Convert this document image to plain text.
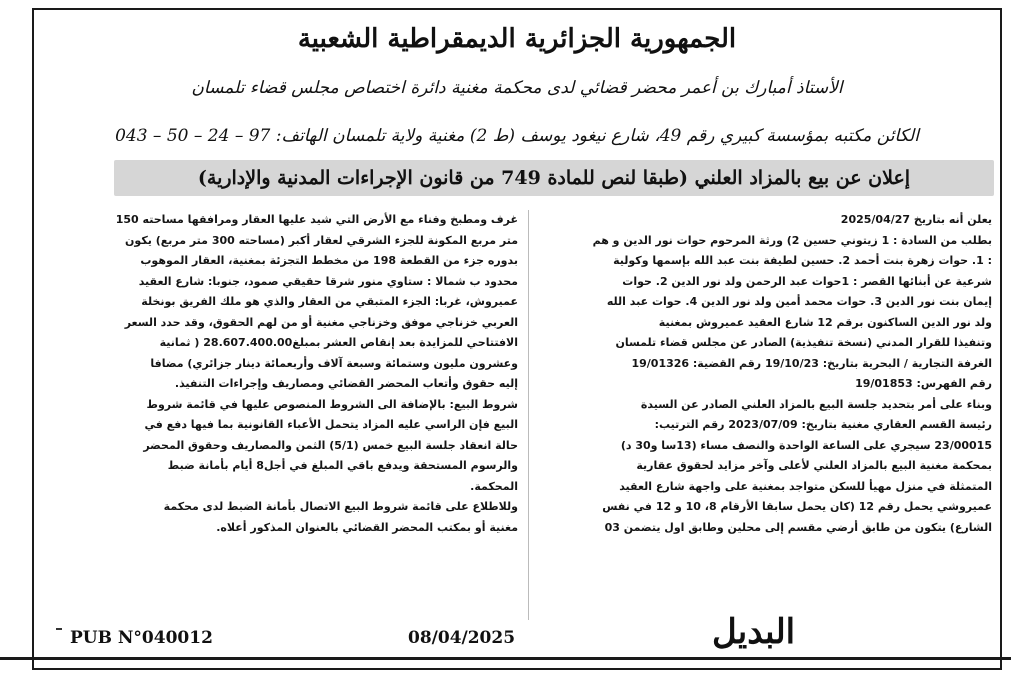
الجمهورية الجزائرية الديمقراطية الشعبية
الأستاذ أمبارك بن أعمر محضر قضائي لدى محكمة مغنية دائرة اختصاص مجلس قضاء تلمسان
الكائن مكتبه بمؤسسة كبيري رقم 49، شارع نيغود يوسف (ط 2) مغنية ولاية تلمسان الهاتف: 97 – 24 – 50 – 043
إعلان عن بيع بالمزاد العلني (طبقا لنص للمادة 749 من قانون الإجراءات المدنية والإدارية)
يعلن أنه بتاريخ 2025/04/27
بطلب من السادة : 1 زيتوني حسين 2) ورثة المرحوم حوات نور الدين و هم
: 1. حوات زهرة بنت أحمد 2. حسين لطيفة بنت عبد الله بإسمها وكولية
شرعية عن أبنائها القصر : 1حوات عبد الرحمن ولد نور الدين 2. حوات
إيمان بنت نور الدين 3. حوات محمد أمين ولد نور الدين 4. حوات عبد الله
ولد نور الدين الساكنون برقم 12 شارع العقيد عميروش بمغنية
وتنفيذا للقرار المدني (نسخة تنفيذية) الصادر عن مجلس قضاء تلمسان
الغرفة التجارية / البحرية بتاريخ: 19/10/23 رقم القضية: 19/01326
رقم الفهرس: 19/01853
وبناء على أمر بتحديد جلسة البيع بالمزاد العلني الصادر عن السيدة
رئيسة القسم العقاري مغنية بتاريخ: 2023/07/09 رقم الترتيب:
23/00015 سيجري على الساعة الواحدة والنصف مساء (13سا و30 د)
بمحكمة مغنية البيع بالمزاد العلني لأعلى وآخر مزايد لحقوق عقارية
المتمثلة في منزل مهيأ للسكن متواجد بمغنية على واجهة شارع العقيد
عميروشي يحمل رقم 12 (كان يحمل سابقا الأرقام 8، 10 و 12 في نفس
الشارع) يتكون من طابق أرضي مقسم إلى محلين وطابق اول يتضمن 03
غرف ومطبخ وفناء مع الأرض التي شيد عليها العقار ومرافقها مساحته 150
متر مربع المكونة للجزء الشرقي لعقار أكبر (مساحته 300 متر مربع) يكون
بدوره جزء من القطعة 198 من مخطط التجزئة بمغنية، العقار الموهوب
محدود ب شمالا : ستاوي منور شرقا حقيقي صمود، جنوبا: شارع العقيد
عميروش، غربا: الجزء المتبقي من العقار والذي هو ملك الفريق بونخلة
العربي خزناجي موفق وخزناجي مغنية أو من لهم الحقوق، وقد حدد السعر
الافتتاحي للمزايدة بعد إنقاص العشر بمبلغ28.607.400.00 ( ثمانية
وعشرون مليون وستمائة وسبعة آلاف وأربعمائة دينار جزائري) مضافا
إليه حقوق وأتعاب المحضر القضائي ومصاريف وإجراءات التنفيذ.
شروط البيع: بالإضافة الى الشروط المنصوص عليها في قائمة شروط
البيع فإن الراسي عليه المزاد يتحمل الأعباء القانونية بما فيها دفع في
حالة انعقاد جلسة البيع خمس (5/1) الثمن والمصاريف وحقوق المحضر
والرسوم المستحقة ويدفع باقي المبلغ في أجل8 أيام بأمانة ضبط
المحكمة.
وللاطلاع على قائمة شروط البيع الاتصال بأمانة الضبط لدى محكمة
مغنية أو بمكتب المحضر القضائي بالعنوان المذكور أعلاه.
PUB N°040012	08/04/2025	البديل
